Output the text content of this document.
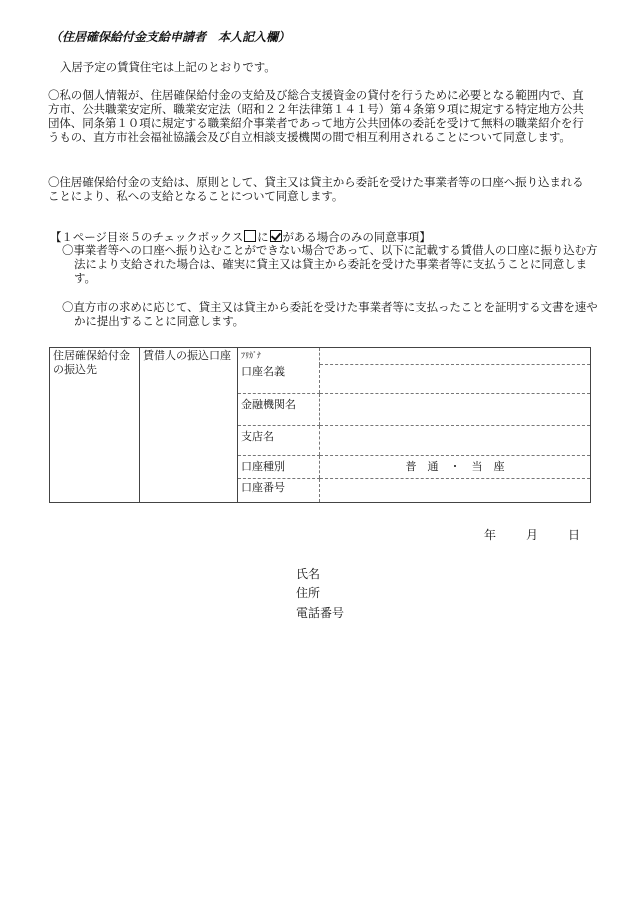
（住居確保給付金支給申請者　本人記入欄）
入居予定の賃貸住宅は上記のとおりです。
〇私の個人情報が、住居確保給付金の支給及び総合支援資金の貸付を行うために必要となる範囲内で、直方市、公共職業安定所、職業安定法（昭和２２年法律第１４１号）第４条第９項に規定する特定地方公共団体、同条第１０項に規定する職業紹介事業者であって地方公共団体の委託を受けて無料の職業紹介を行うもの、直方市社会福祉協議会及び自立相談支援機関の間で相互利用されることについて同意します。
〇住居確保給付金の支給は、原則として、貸主又は貸主から委託を受けた事業者等の口座へ振り込まれることにより、私への支給となることについて同意します。
【１ページ目※５のチェックボックス に がある場合のみの同意事項】
〇事業者等への口座へ振り込むことができない場合であって、以下に記載する賃借人の口座に振り込む方法により支給された場合は、確実に貸主又は貸主から委託を受けた事業者等に支払うことに同意します。
〇直方市の求めに応じて、貸主又は貸主から委託を受けた事業者等に支払ったことを証明する文書を速やかに提出することに同意します。
住居確保給付金の振込先	賃借人の振込口座	ﾌﾘｶﾞﾅ	
		口座名義	
		金融機関名	
		支店名	
		口座種別	普　通　・　当　座
		口座番号	
年	月	日
氏名
住所
電話番号
